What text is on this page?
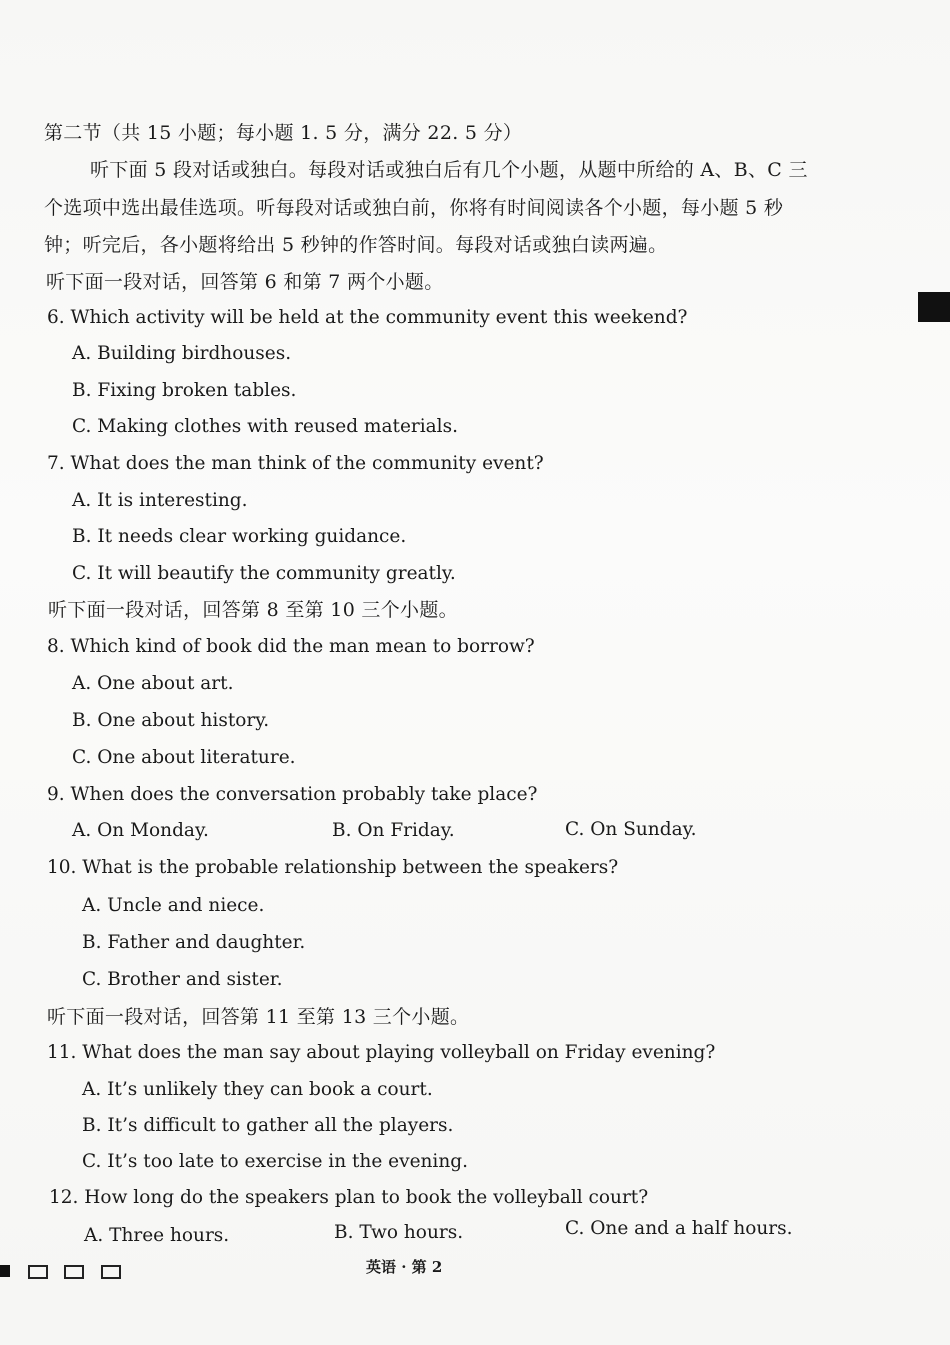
第二节（共 15 小题；每小题 1. 5 分，满分 22. 5 分）
听下面 5 段对话或独白。每段对话或独白后有几个小题，从题中所给的 A、B、C 三
个选项中选出最佳选项。听每段对话或独白前，你将有时间阅读各个小题，每小题 5 秒
钟；听完后，各小题将给出 5 秒钟的作答时间。每段对话或独白读两遍。
听下面一段对话，回答第 6 和第 7 两个小题。
6. Which activity will be held at the community event this weekend?
A. Building birdhouses.
B. Fixing broken tables.
C. Making clothes with reused materials.
7. What does the man think of the community event?
A. It is interesting.
B. It needs clear working guidance.
C. It will beautify the community greatly.
听下面一段对话，回答第 8 至第 10 三个小题。
8. Which kind of book did the man mean to borrow?
A. One about art.
B. One about history.
C. One about literature.
9. When does the conversation probably take place?
A. On Monday.	B. On Friday.	C. On Sunday.
10. What is the probable relationship between the speakers?
A. Uncle and niece.
B. Father and daughter.
C. Brother and sister.
听下面一段对话，回答第 11 至第 13 三个小题。
11. What does the man say about playing volleyball on Friday evening?
A. It’s unlikely they can book a court.
B. It’s difficult to gather all the players.
C. It’s too late to exercise in the evening.
12. How long do the speakers plan to book the volleyball court?
A. Three hours.	B. Two hours.	C. One and a half hours.
英语 · 第 2
